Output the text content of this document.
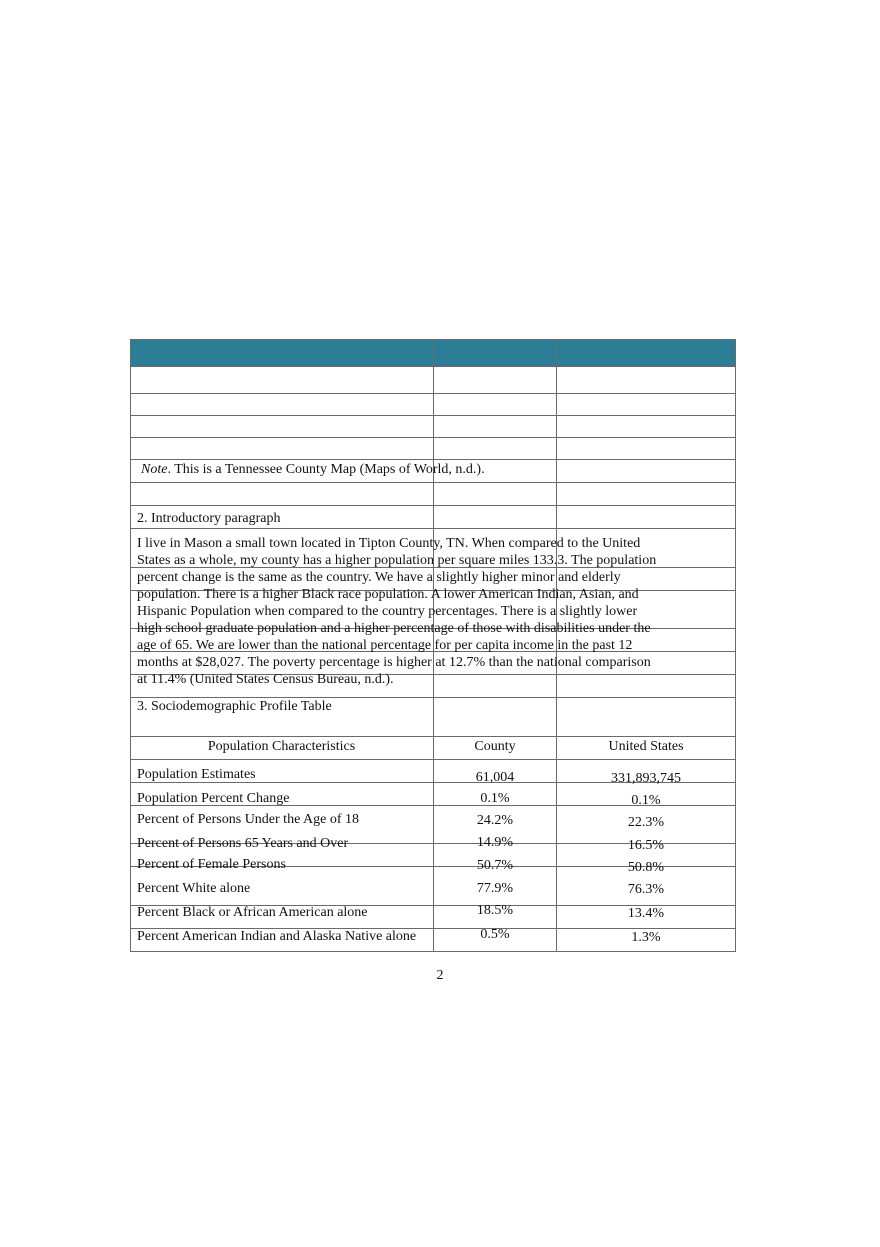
Note. This is a Tennessee County Map (Maps of World, n.d.).
2. Introductory paragraph
I live in Mason a small town located in Tipton County, TN. When compared to the United
States as a whole, my county has a higher population per square miles 133.3. The population
percent change is the same as the country. We have a slightly higher minor and elderly
population. There is a higher Black race population. A lower American Indian, Asian, and
Hispanic Population when compared to the country percentages. There is a slightly lower
high school graduate population and a higher percentage of those with disabilities under the
age of 65. We are lower than the national percentage for per capita income in the past 12
months at $28,027. The poverty percentage is higher at 12.7% than the national comparison
at 11.4% (United States Census Bureau, n.d.).
3. Sociodemographic Profile Table
Population Characteristics	County	United States
Population Estimates	61,004	331,893,745
Population Percent Change	0.1%	0.1%
Percent of Persons Under the Age of 18	24.2%	22.3%
Percent of Persons 65 Years and Over	14.9%	16.5%
Percent of Female Persons	50.7%	50.8%
Percent White alone	77.9%	76.3%
Percent Black or African American alone	18.5%	13.4%
Percent American Indian and Alaska Native alone	0.5%	1.3%
2
